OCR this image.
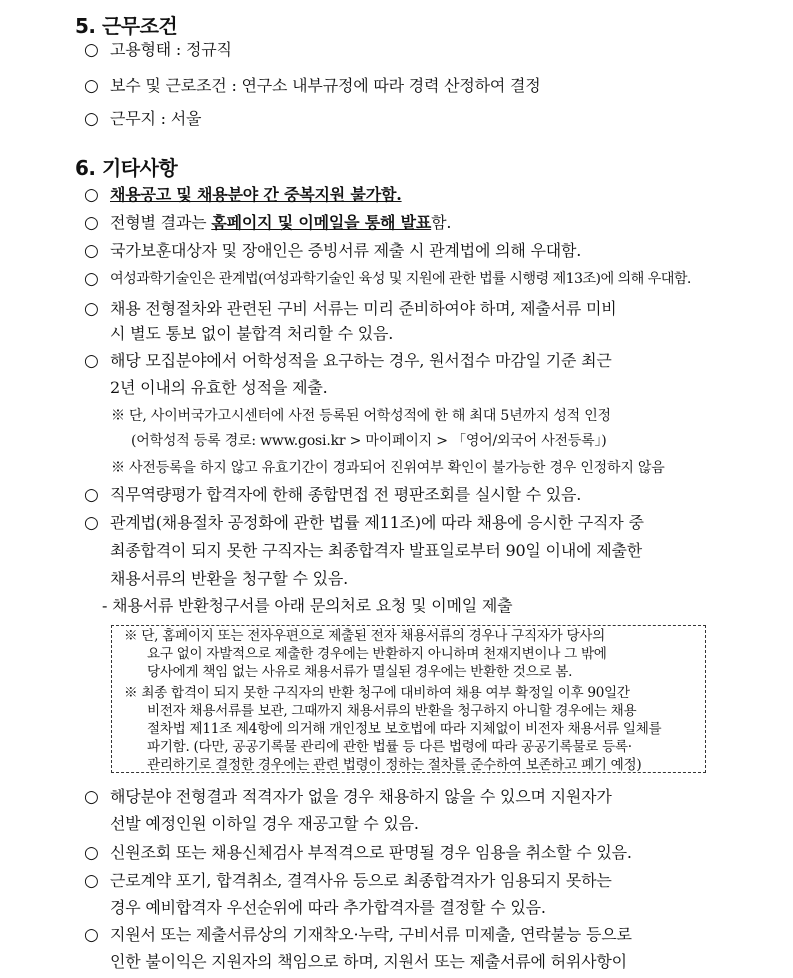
5. 근무조건
○ 고용형태 : 정규직
○ 보수 및 근로조건 : 연구소 내부규정에 따라 경력 산정하여 결정
○ 근무지 : 서울
6. 기타사항
○ 채용공고 및 채용분야 간 중복지원 불가함.
○ 전형별 결과는 홈페이지 및 이메일을 통해 발표함.
○ 국가보훈대상자 및 장애인은 증빙서류 제출 시 관계법에 의해 우대함.
○ 여성과학기술인은 관계법(여성과학기술인 육성 및 지원에 관한 법률 시행령 제13조)에 의해 우대함.
○ 채용 전형절차와 관련된 구비 서류는 미리 준비하여야 하며, 제출서류 미비
시 별도 통보 없이 불합격 처리할 수 있음.
○ 해당 모집분야에서 어학성적을 요구하는 경우, 원서접수 마감일 기준 최근
2년 이내의 유효한 성적을 제출.
※ 단, 사이버국가고시센터에 사전 등록된 어학성적에 한 해 최대 5년까지 성적 인정
(어학성적 등록 경로: www.gosi.kr > 마이페이지 > 「영어/외국어 사전등록」)
※ 사전등록을 하지 않고 유효기간이 경과되어 진위여부 확인이 불가능한 경우 인정하지 않음
○ 직무역량평가 합격자에 한해 종합면접 전 평판조회를 실시할 수 있음.
○ 관계법(채용절차 공정화에 관한 법률 제11조)에 따라 채용에 응시한 구직자 중
최종합격이 되지 못한 구직자는 최종합격자 발표일로부터 90일 이내에 제출한
채용서류의 반환을 청구할 수 있음.
- 채용서류 반환청구서를 아래 문의처로 요청 및 이메일 제출
※ 단, 홈페이지 또는 전자우편으로 제출된 전자 채용서류의 경우나 구직자가 당사의
요구 없이 자발적으로 제출한 경우에는 반환하지 아니하며 천재지변이나 그 밖에
당사에게 책임 없는 사유로 채용서류가 멸실된 경우에는 반환한 것으로 봄.
※ 최종 합격이 되지 못한 구직자의 반환 청구에 대비하여 채용 여부 확정일 이후 90일간
비전자 채용서류를 보관, 그때까지 채용서류의 반환을 청구하지 아니할 경우에는 채용
절차법 제11조 제4항에 의거해 개인정보 보호법에 따라 지체없이 비전자 채용서류 일체를
파기함. (다만, 공공기록물 관리에 관한 법률 등 다른 법령에 따라 공공기록물로 등록·
관리하기로 결정한 경우에는 관련 법령이 정하는 절차를 준수하여 보존하고 폐기 예정)
○ 해당분야 전형결과 적격자가 없을 경우 채용하지 않을 수 있으며 지원자가
선발 예정인원 이하일 경우 재공고할 수 있음.
○ 신원조회 또는 채용신체검사 부적격으로 판명될 경우 임용을 취소할 수 있음.
○ 근로계약 포기, 합격취소, 결격사유 등으로 최종합격자가 임용되지 못하는
경우 예비합격자 우선순위에 따라 추가합격자를 결정할 수 있음.
○ 지원서 또는 제출서류상의 기재착오·누락, 구비서류 미제출, 연락불능 등으로
인한 불이익은 지원자의 책임으로 하며, 지원서 또는 제출서류에 허위사항이
